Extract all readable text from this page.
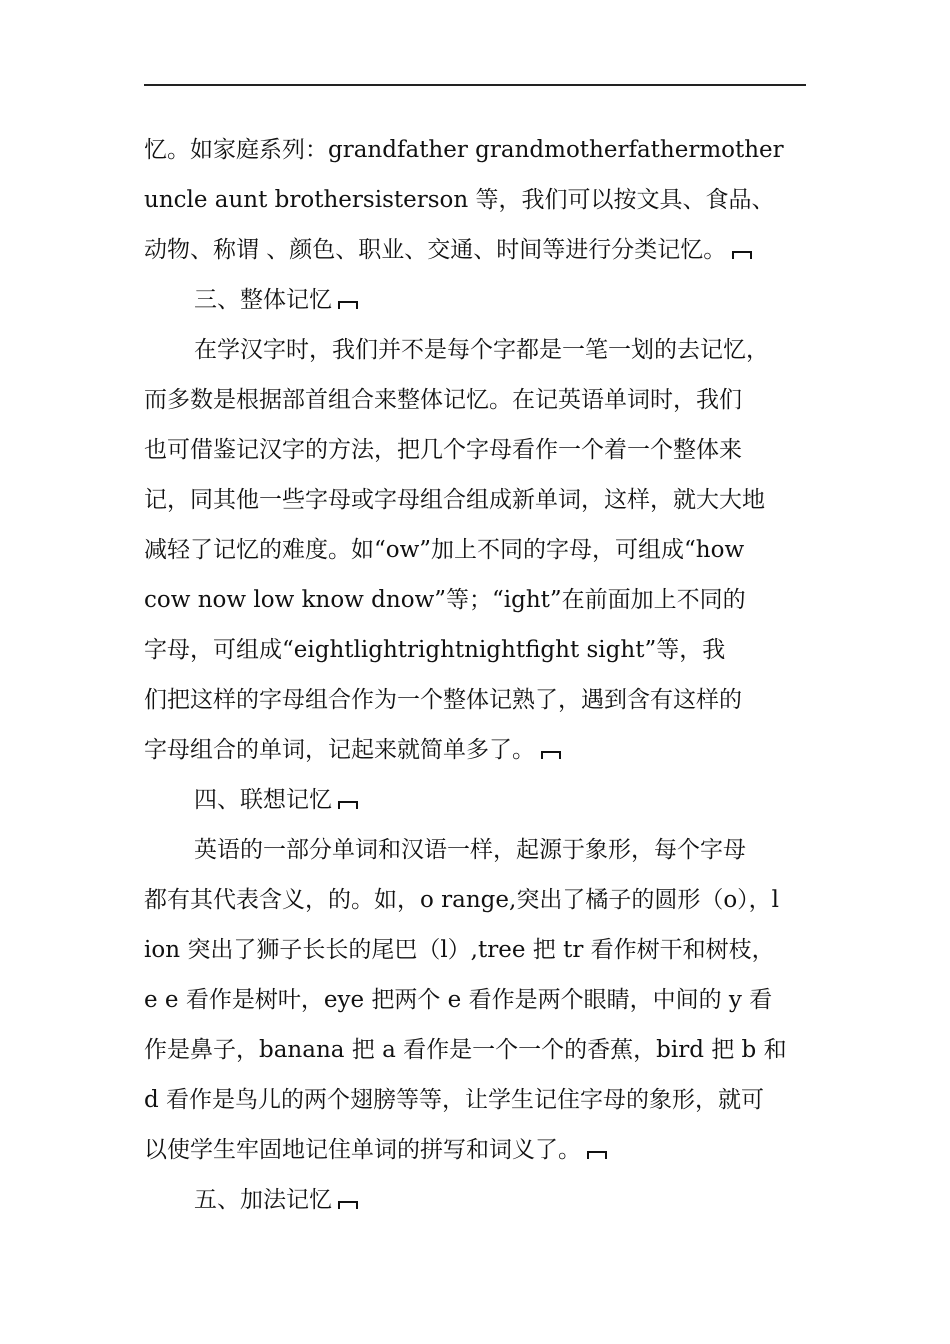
忆。如家庭系列：grandfather grandmotherfathermother
uncle aunt brothersisterson 等，我们可以按文具、食品、
动物、称谓 、颜色、职业、交通、时间等进行分类记忆。
三、整体记忆
在学汉字时，我们并不是每个字都是一笔一划的去记忆，
而多数是根据部首组合来整体记忆。在记英语单词时，我们
也可借鉴记汉字的方法，把几个字母看作一个着一个整体来
记，同其他一些字母或字母组合组成新单词，这样，就大大地
减轻了记忆的难度。如“ow”加上不同的字母，可组成“how
cow now low know dnow”等；“ight”在前面加上不同的
字母，可组成“eightlightrightnightfight sight”等，我
们把这样的字母组合作为一个整体记熟了，遇到含有这样的
字母组合的单词，记起来就简单多了。
四、联想记忆
英语的一部分单词和汉语一样，起源于象形，每个字母
都有其代表含义，的。如，o range,突出了橘子的圆形（o），l
ion 突出了狮子长长的尾巴（l）,tree 把 tr 看作树干和树枝，
e e 看作是树叶，eye 把两个 e 看作是两个眼睛，中间的 y 看
作是鼻子，banana 把 a 看作是一个一个的香蕉，bird 把 b 和
d 看作是鸟儿的两个翅膀等等，让学生记住字母的象形，就可
以使学生牢固地记住单词的拼写和词义了。
五、加法记忆
